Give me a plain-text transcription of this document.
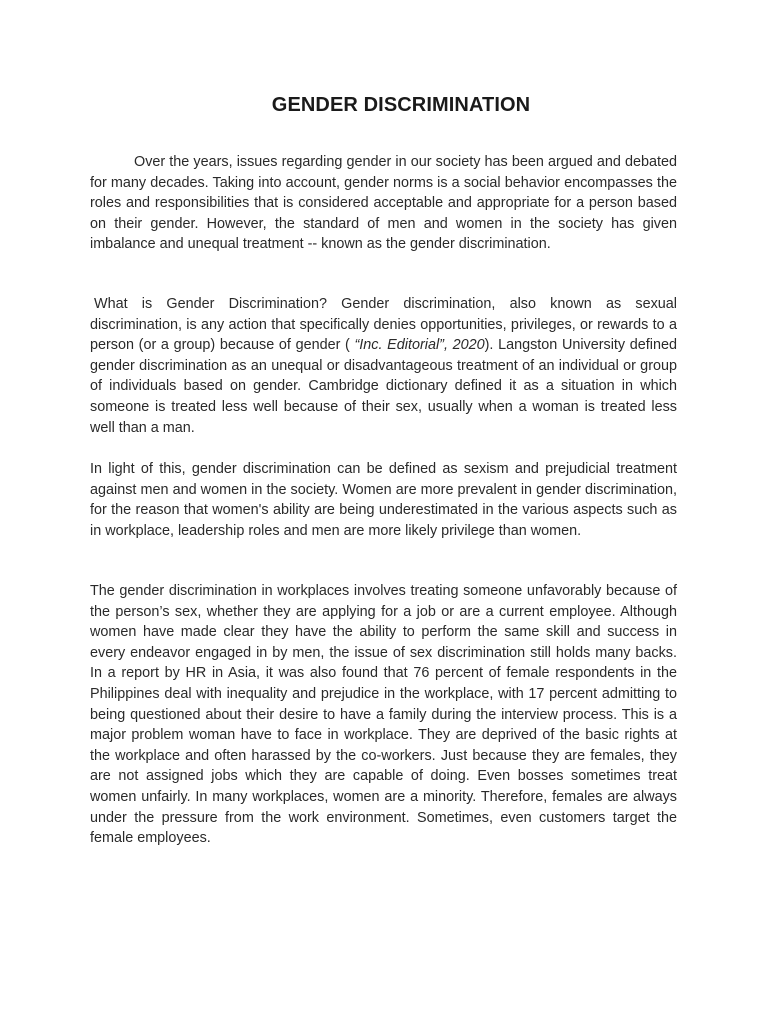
GENDER DISCRIMINATION

Over the years, issues regarding gender in our society has been argued and debated for many decades. Taking into account, gender norms is a social behavior encompasses the roles and responsibilities that is considered acceptable and appropriate for a person based on their gender. However, the standard of men and women in the society has given imbalance and unequal treatment -- known as the gender discrimination.

What is Gender Discrimination? Gender discrimination, also known as sexual discrimination, is any action that specifically denies opportunities, privileges, or rewards to a person (or a group) because of gender ( “Inc. Editorial”, 2020). Langston University defined gender discrimination as an unequal or disadvantageous treatment of an individual or group of individuals based on gender. Cambridge dictionary defined it as a situation in which someone is treated less well because of their sex, usually when a woman is treated less well than a man.

In light of this, gender discrimination can be defined as sexism and prejudicial treatment against men and women in the society. Women are more prevalent in gender discrimination, for the reason that women's ability are being underestimated in the various aspects such as in workplace, leadership roles and men are more likely privilege than women.

The gender discrimination in workplaces involves treating someone unfavorably because of the person’s sex, whether they are applying for a job or are a current employee. Although women have made clear they have the ability to perform the same skill and success in every endeavor engaged in by men, the issue of sex discrimination still holds many backs. In a report by HR in Asia, it was also found that 76 percent of female respondents in the Philippines deal with inequality and prejudice in the workplace, with 17 percent admitting to being questioned about their desire to have a family during the interview process. This is a major problem woman have to face in workplace. They are deprived of the basic rights at the workplace and often harassed by the co-workers. Just because they are females, they are not assigned jobs which they are capable of doing. Even bosses sometimes treat women unfairly. In many workplaces, women are a minority. Therefore, females are always under the pressure from the work environment. Sometimes, even customers target the female employees.
